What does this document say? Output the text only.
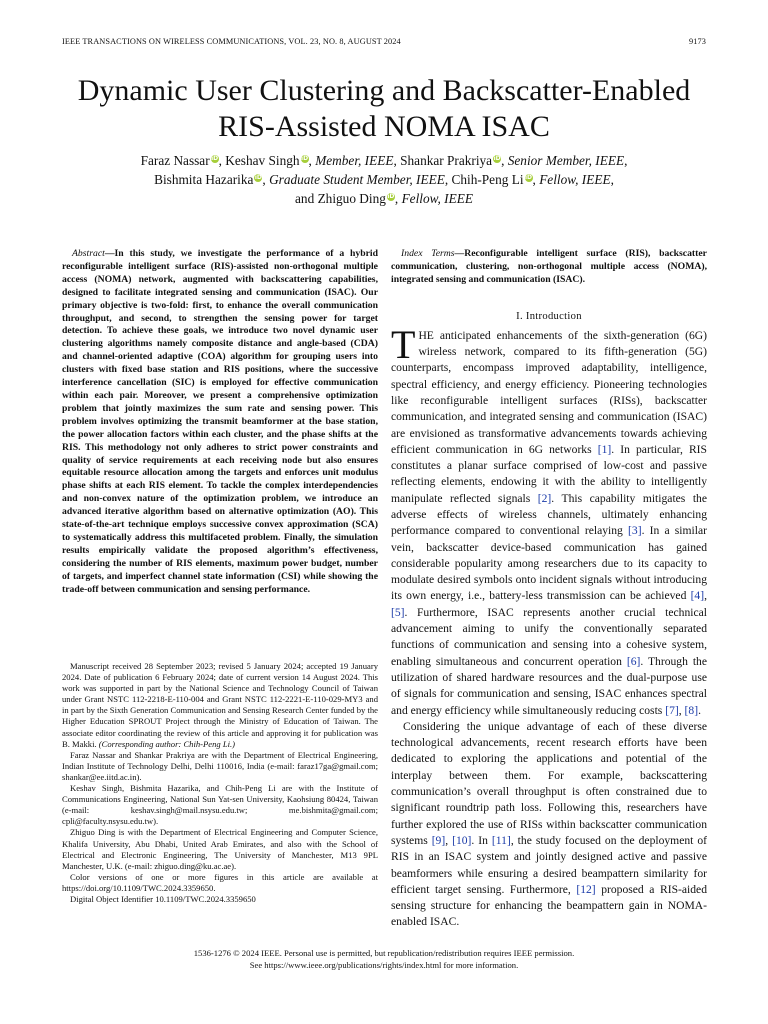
IEEE TRANSACTIONS ON WIRELESS COMMUNICATIONS, VOL. 23, NO. 8, AUGUST 2024	9173
Dynamic User Clustering and Backscatter-Enabled
RIS-Assisted NOMA ISAC
Faraz NassariD, Keshav SinghiD, Member, IEEE, Shankar PrakriyaiD, Senior Member, IEEE,
Bishmita HazarikaiD, Graduate Student Member, IEEE, Chih-Peng LiiD, Fellow, IEEE,
and Zhiguo DingiD, Fellow, IEEE

Abstract—In this study, we investigate the performance of a hybrid reconfigurable intelligent surface (RIS)-assisted non-orthogonal multiple access (NOMA) network, augmented with backscattering capabilities, designed to facilitate integrated sensing and communication (ISAC). Our primary objective is two-fold: first, to enhance the overall communication throughput, and second, to strengthen the sensing power for target detection. To achieve these goals, we introduce two novel dynamic user clustering algorithms namely composite distance and angle-based (CDA) and channel-oriented adaptive (COA) algorithm for grouping users into clusters with fixed base station and RIS positions, where the successive interference cancellation (SIC) is employed for effective communication within each pair. Moreover, we present a comprehensive optimization problem that jointly maximizes the sum rate and sensing power. This problem involves optimizing the transmit beamformer at the base station, the power allocation factors within each cluster, and the phase shifts at the RIS. This methodology not only adheres to strict power constraints and quality of service requirements at each receiving node but also ensures equitable resource allocation among the targets and enforces unit modulus phase shifts at each RIS element. To tackle the complex interdependencies and non-convex nature of the optimization problem, we introduce an advanced iterative algorithm based on alternative optimization (AO). This state-of-the-art technique employs successive convex approximation (SCA) to systematically address this multifaceted problem. Finally, the simulation results empirically validate the proposed algorithm’s effectiveness, considering the number of RIS elements, maximum power budget, number of targets, and imperfect channel state information (CSI) while showing the trade-off between communication and sensing performance.

Manuscript received 28 September 2023; revised 5 January 2024; accepted 19 January 2024. Date of publication 6 February 2024; date of current version 14 August 2024. This work was supported in part by the National Science and Technology Council of Taiwan under Grant NSTC 112-2218-E-110-004 and Grant NSTC 112-2221-E-110-029-MY3 and in part by the Sixth Generation Communication and Sensing Research Center funded by the Higher Education SPROUT Project through the Ministry of Education of Taiwan. The associate editor coordinating the review of this article and approving it for publication was B. Makki. (Corresponding author: Chih-Peng Li.)

Faraz Nassar and Shankar Prakriya are with the Department of Electrical Engineering, Indian Institute of Technology Delhi, Delhi 110016, India (e-mail: faraz17ga@gmail.com; shankar@ee.iitd.ac.in).

Keshav Singh, Bishmita Hazarika, and Chih-Peng Li are with the Institute of Communications Engineering, National Sun Yat-sen University, Kaohsiung 80424, Taiwan (e-mail: keshav.singh@mail.nsysu.edu.tw; me.bishmita@gmail.com; cpli@faculty.nsysu.edu.tw).

Zhiguo Ding is with the Department of Electrical Engineering and Computer Science, Khalifa University, Abu Dhabi, United Arab Emirates, and also with the School of Electrical and Electronic Engineering, The University of Manchester, M13 9PL Manchester, U.K. (e-mail: zhiguo.ding@ku.ac.ae).

Color versions of one or more figures in this article are available at https://doi.org/10.1109/TWC.2024.3359650.

Digital Object Identifier 10.1109/TWC.2024.3359650

Index Terms—Reconfigurable intelligent surface (RIS), backscatter communication, clustering, non-orthogonal multiple access (NOMA), integrated sensing and communication (ISAC).

I. Introduction

THE anticipated enhancements of the sixth-generation (6G) wireless network, compared to its fifth-generation (5G) counterparts, encompass improved adaptability, intelligence, spectral efficiency, and energy efficiency. Pioneering technologies like reconfigurable intelligent surfaces (RISs), backscatter communication, and integrated sensing and communication (ISAC) are envisioned as transformative advancements towards achieving efficient communication in 6G networks [1]. In particular, RIS constitutes a planar surface comprised of low-cost and passive reflecting elements, endowing it with the ability to intelligently manipulate reflected signals [2]. This capability mitigates the adverse effects of wireless channels, ultimately enhancing performance compared to conventional relaying [3]. In a similar vein, backscatter device-based communication has gained considerable popularity among researchers due to its capacity to modulate desired symbols onto incident signals without introducing its own energy, i.e., battery-less transmission can be achieved [4], [5]. Furthermore, ISAC represents another crucial technical advancement aiming to unify the conventionally separated functions of communication and sensing into a cohesive system, enabling simultaneous and concurrent operation [6]. Through the utilization of shared hardware resources and the dual-purpose use of signals for communication and sensing, ISAC enhances spectral and energy efficiency while simultaneously reducing costs [7], [8].

Considering the unique advantage of each of these diverse technological advancements, recent research efforts have been dedicated to exploring the applications and potential of the interplay between them. For example, backscattering communication’s overall throughput is often constrained due to significant roundtrip path loss. Following this, researchers have further explored the use of RISs within backscatter communication systems [9], [10]. In [11], the study focused on the deployment of RIS in an ISAC system and jointly designed active and passive beamformers while ensuring a desired beampattern similarity for efficient target sensing. Furthermore, [12] proposed a RIS-aided sensing structure for enhancing the beampattern gain in NOMA-enabled ISAC.

1536-1276 © 2024 IEEE. Personal use is permitted, but republication/redistribution requires IEEE permission.
See https://www.ieee.org/publications/rights/index.html for more information.
